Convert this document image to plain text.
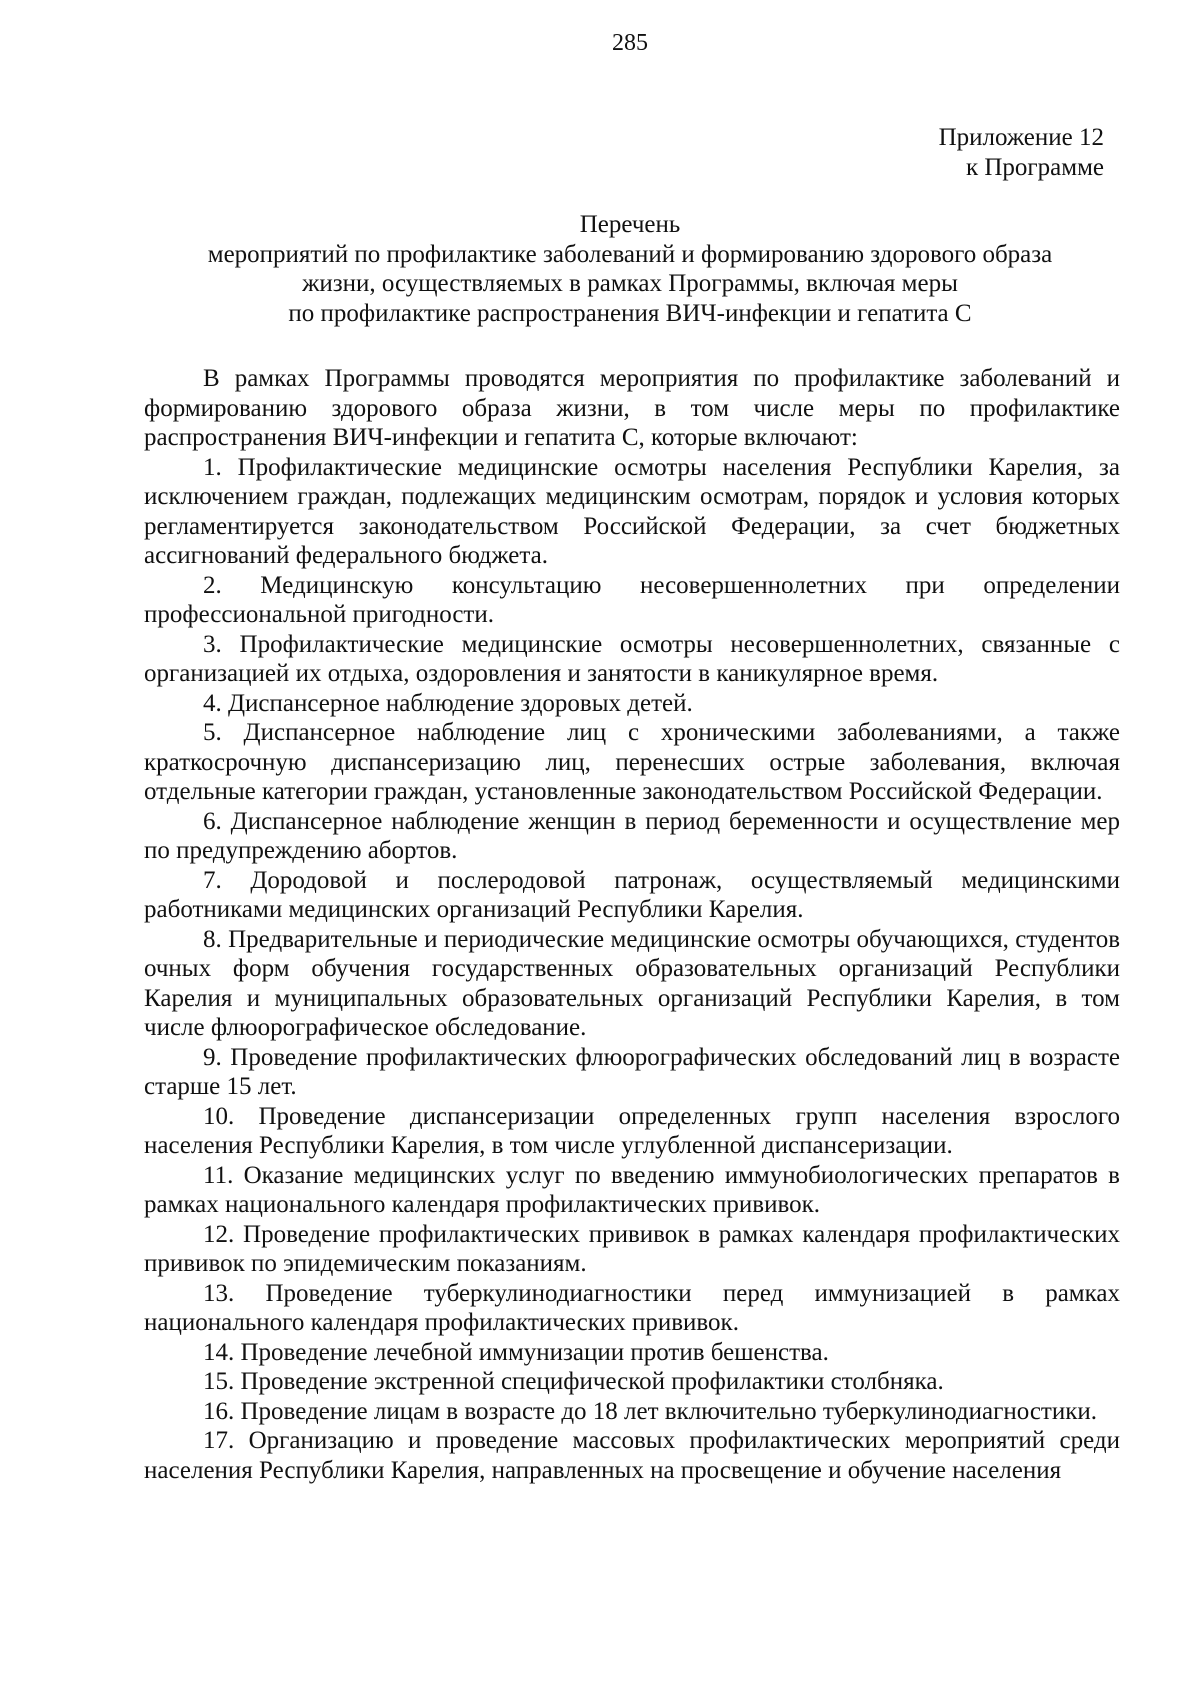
285
Приложение 12
к Программе
Перечень
мероприятий по профилактике заболеваний и формированию здорового образа
жизни, осуществляемых в рамках Программы, включая меры
по профилактике распространения ВИЧ-инфекции и гепатита С

В рамках Программы проводятся мероприятия по профилактике заболеваний и формированию здорового образа жизни, в том числе меры по профилактике распространения ВИЧ-инфекции и гепатита С, которые включают:

1. Профилактические медицинские осмотры населения Республики Карелия, за исключением граждан, подлежащих медицинским осмотрам, порядок и условия которых регламентируется законодательством Российской Федерации, за счет бюджетных ассигнований федерального бюджета.

2. Медицинскую консультацию несовершеннолетних при определении профессиональной пригодности.

3. Профилактические медицинские осмотры несовершеннолетних, связанные с организацией их отдыха, оздоровления и занятости в каникулярное время.

4. Диспансерное наблюдение здоровых детей.

5. Диспансерное наблюдение лиц с хроническими заболеваниями, а также краткосрочную диспансеризацию лиц, перенесших острые заболевания, включая отдельные категории граждан, установленные законодательством Российской Федерации.

6. Диспансерное наблюдение женщин в период беременности и осуществление мер по предупреждению абортов.

7. Дородовой и послеродовой патронаж, осуществляемый медицинскими работниками медицинских организаций Республики Карелия.

8. Предварительные и периодические медицинские осмотры обучающихся, студентов очных форм обучения государственных образовательных организаций Республики Карелия и муниципальных образовательных организаций Республики Карелия, в том числе флюорографическое обследование.

9. Проведение профилактических флюорографических обследований лиц в возрасте старше 15 лет.

10. Проведение диспансеризации определенных групп населения взрослого населения Республики Карелия, в том числе углубленной диспансеризации.

11. Оказание медицинских услуг по введению иммунобиологических препаратов в рамках национального календаря профилактических прививок.

12. Проведение профилактических прививок в рамках календаря профилактических прививок по эпидемическим показаниям.

13. Проведение туберкулинодиагностики перед иммунизацией в рамках национального календаря профилактических прививок.

14. Проведение лечебной иммунизации против бешенства.

15. Проведение экстренной специфической профилактики столбняка.

16. Проведение лицам в возрасте до 18 лет включительно туберкулинодиагностики.

17. Организацию и проведение массовых профилактических мероприятий среди населения Республики Карелия, направленных на просвещение и обучение населения
